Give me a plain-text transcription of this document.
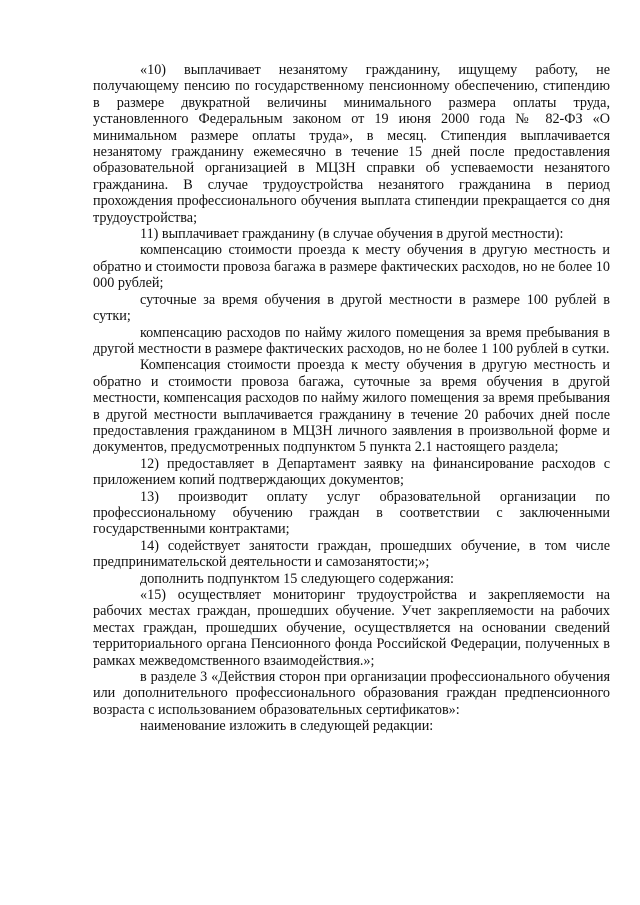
«10) выплачивает незанятому гражданину, ищущему работу, не получающему пенсию по государственному пенсионному обеспечению, стипендию в размере двукратной величины минимального размера оплаты труда, установленного Федеральным законом от 19 июня 2000 года № 82-ФЗ «О минимальном размере оплаты труда», в месяц. Стипендия выплачивается незанятому гражданину ежемесячно в течение 15 дней после предоставления образовательной организацией в МЦЗН справки об успеваемости незанятого гражданина. В случае трудоустройства незанятого гражданина в период прохождения профессионального обучения выплата стипендии прекращается со дня трудоустройства;

11) выплачивает гражданину (в случае обучения в другой местности):

компенсацию стоимости проезда к месту обучения в другую местность и обратно и стоимости провоза багажа в размере фактических расходов, но не более 10 000 рублей;

суточные за время обучения в другой местности в размере 100 рублей в сутки;

компенсацию расходов по найму жилого помещения за время пребывания в другой местности в размере фактических расходов, но не более 1 100 рублей в сутки.

Компенсация стоимости проезда к месту обучения в другую местность и обратно и стоимости провоза багажа, суточные за время обучения в другой местности, компенсация расходов по найму жилого помещения за время пребывания в другой местности выплачивается гражданину в течение 20 рабочих дней после предоставления гражданином в МЦЗН личного заявления в произвольной форме и документов, предусмотренных подпунктом 5 пункта 2.1 настоящего раздела;

12) предоставляет в Департамент заявку на финансирование расходов с приложением копий подтверждающих документов;

13) производит оплату услуг образовательной организации по профессиональному обучению граждан в соответствии с заключенными государственными контрактами;

14) содействует занятости граждан, прошедших обучение, в том числе предпринимательской деятельности и самозанятости;»;

дополнить подпунктом 15 следующего содержания:

«15) осуществляет мониторинг трудоустройства и закрепляемости на рабочих местах граждан, прошедших обучение. Учет закрепляемости на рабочих местах граждан, прошедших обучение, осуществляется на основании сведений территориального органа Пенсионного фонда Российской Федерации, полученных в рамках межведомственного взаимодействия.»;

в разделе 3 «Действия сторон при организации профессионального обучения или дополнительного профессионального образования граждан предпенсионного возраста с использованием образовательных сертификатов»:

наименование изложить в следующей редакции:
